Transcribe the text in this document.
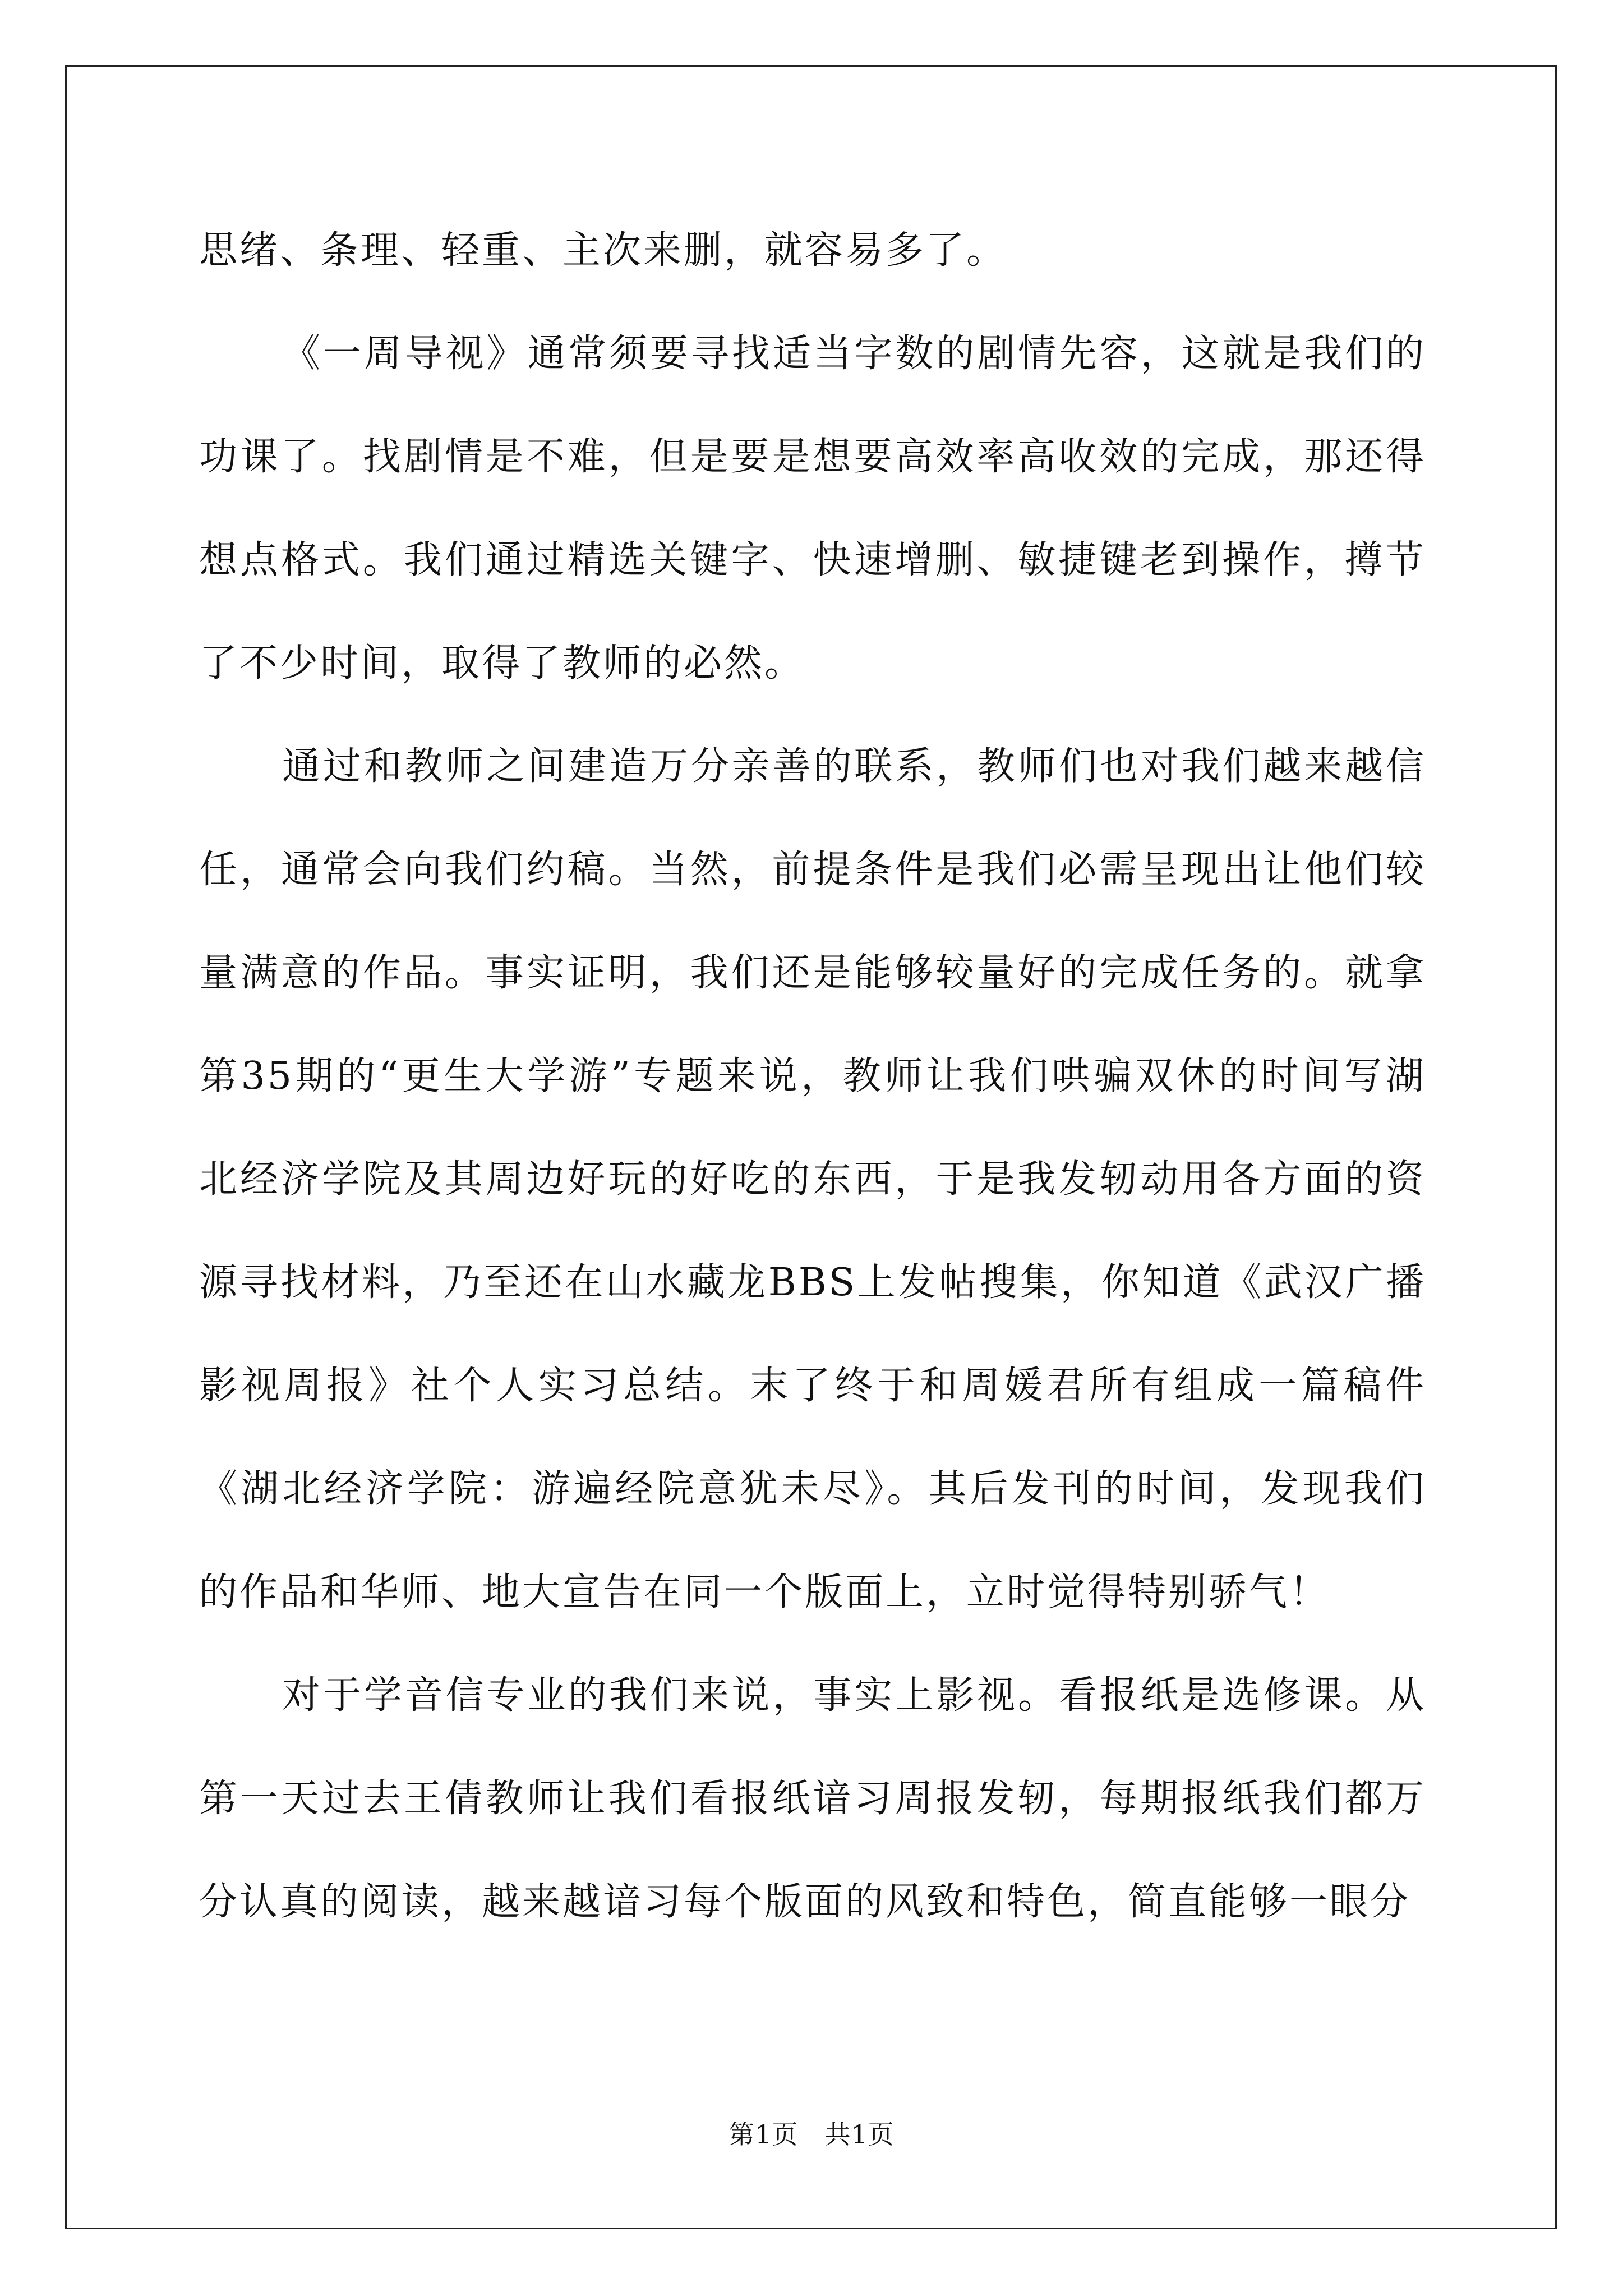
思绪、条理、轻重、主次来删，就容易多了。

《一周导视》通常须要寻找适当字数的剧情先容，这就是我们的功课了。找剧情是不难，但是要是想要高效率高收效的完成，那还得想点格式。我们通过精选关键字、快速增删、敏捷键老到操作，撙节了不少时间，取得了教师的必然。

通过和教师之间建造万分亲善的联系，教师们也对我们越来越信任，通常会向我们约稿。当然，前提条件是我们必需呈现出让他们较量满意的作品。事实证明，我们还是能够较量好的完成任务的。就拿第35期的“更生大学游”专题来说，教师让我们哄骗双休的时间写湖北经济学院及其周边好玩的好吃的东西，于是我发轫动用各方面的资源寻找材料，乃至还在山水藏龙BBS上发帖搜集，你知道《武汉广播影视周报》社个人实习总结。末了终于和周媛君所有组成一篇稿件《湖北经济学院：游遍经院意犹未尽》。其后发刊的时间，发现我们的作品和华师、地大宣告在同一个版面上，立时觉得特别骄气！

对于学音信专业的我们来说，事实上影视。看报纸是选修课。从第一天过去王倩教师让我们看报纸谙习周报发轫，每期报纸我们都万分认真的阅读，越来越谙习每个版面的风致和特色，简直能够一眼分

第1页　共1页
